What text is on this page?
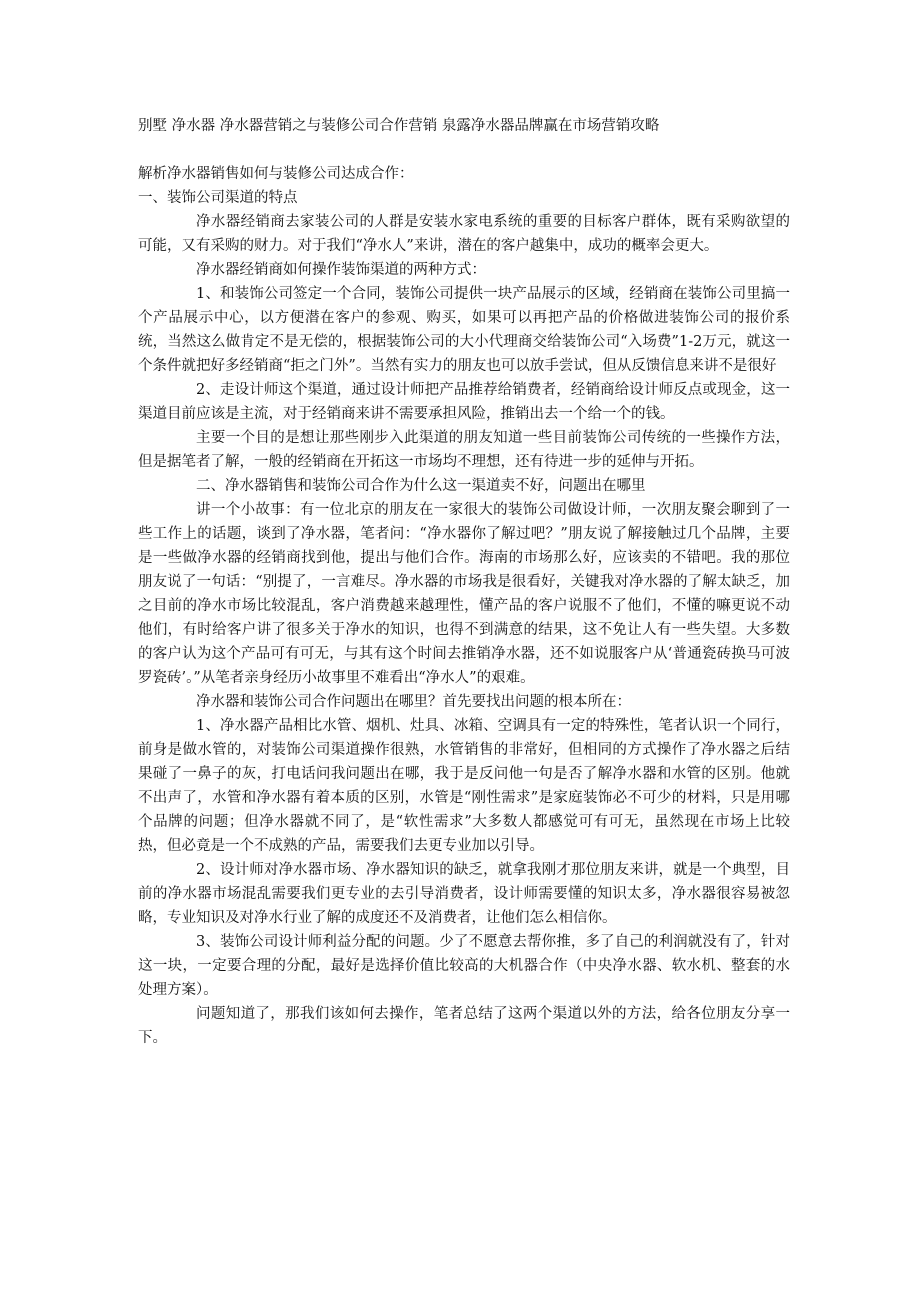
别墅 净水器 净水器营销之与装修公司合作营销 泉露净水器品牌赢在市场营销攻略

解析净水器销售如何与装修公司达成合作：

一、装饰公司渠道的特点

净水器经销商去家装公司的人群是安装水家电系统的重要的目标客户群体，既有采购欲望的可能，又有采购的财力。对于我们“净水人”来讲，潜在的客户越集中，成功的概率会更大。

净水器经销商如何操作装饰渠道的两种方式：

1、和装饰公司签定一个合同，装饰公司提供一块产品展示的区域，经销商在装饰公司里搞一个产品展示中心，以方便潜在客户的参观、购买，如果可以再把产品的价格做进装饰公司的报价系统，当然这么做肯定不是无偿的，根据装饰公司的大小代理商交给装饰公司“入场费”1-2万元，就这一个条件就把好多经销商“拒之门外”。当然有实力的朋友也可以放手尝试，但从反馈信息来讲不是很好

2、走设计师这个渠道，通过设计师把产品推荐给销费者，经销商给设计师反点或现金，这一渠道目前应该是主流，对于经销商来讲不需要承担风险，推销出去一个给一个的钱。

主要一个目的是想让那些刚步入此渠道的朋友知道一些目前装饰公司传统的一些操作方法，但是据笔者了解，一般的经销商在开拓这一市场均不理想，还有待进一步的延伸与开拓。

二、净水器销售和装饰公司合作为什么这一渠道卖不好，问题出在哪里

讲一个小故事：有一位北京的朋友在一家很大的装饰公司做设计师，一次朋友聚会聊到了一些工作上的话题，谈到了净水器，笔者问：“净水器你了解过吧？”朋友说了解接触过几个品牌，主要是一些做净水器的经销商找到他，提出与他们合作。海南的市场那么好，应该卖的不错吧。我的那位朋友说了一句话：“别提了，一言难尽。净水器的市场我是很看好，关键我对净水器的了解太缺乏，加之目前的净水市场比较混乱，客户消费越来越理性，懂产品的客户说服不了他们，不懂的嘛更说不动他们，有时给客户讲了很多关于净水的知识，也得不到满意的结果，这不免让人有一些失望。大多数的客户认为这个产品可有可无，与其有这个时间去推销净水器，还不如说服客户从‘普通瓷砖换马可波罗瓷砖’。”从笔者亲身经历小故事里不难看出“净水人”的艰难。

净水器和装饰公司合作问题出在哪里？首先要找出问题的根本所在：

1、净水器产品相比水管、烟机、灶具、冰箱、空调具有一定的特殊性，笔者认识一个同行，前身是做水管的，对装饰公司渠道操作很熟，水管销售的非常好，但相同的方式操作了净水器之后结果碰了一鼻子的灰，打电话问我问题出在哪，我于是反问他一句是否了解净水器和水管的区别。他就不出声了，水管和净水器有着本质的区别，水管是“刚性需求”是家庭装饰必不可少的材料，只是用哪个品牌的问题；但净水器就不同了，是“软性需求”大多数人都感觉可有可无，虽然现在市场上比较热，但必竟是一个不成熟的产品，需要我们去更专业加以引导。

2、设计师对净水器市场、净水器知识的缺乏，就拿我刚才那位朋友来讲，就是一个典型，目前的净水器市场混乱需要我们更专业的去引导消费者，设计师需要懂的知识太多，净水器很容易被忽略，专业知识及对净水行业了解的成度还不及消费者，让他们怎么相信你。

3、装饰公司设计师利益分配的问题。少了不愿意去帮你推，多了自己的利润就没有了，针对这一块，一定要合理的分配，最好是选择价值比较高的大机器合作（中央净水器、软水机、整套的水处理方案）。

问题知道了，那我们该如何去操作，笔者总结了这两个渠道以外的方法，给各位朋友分享一下。
